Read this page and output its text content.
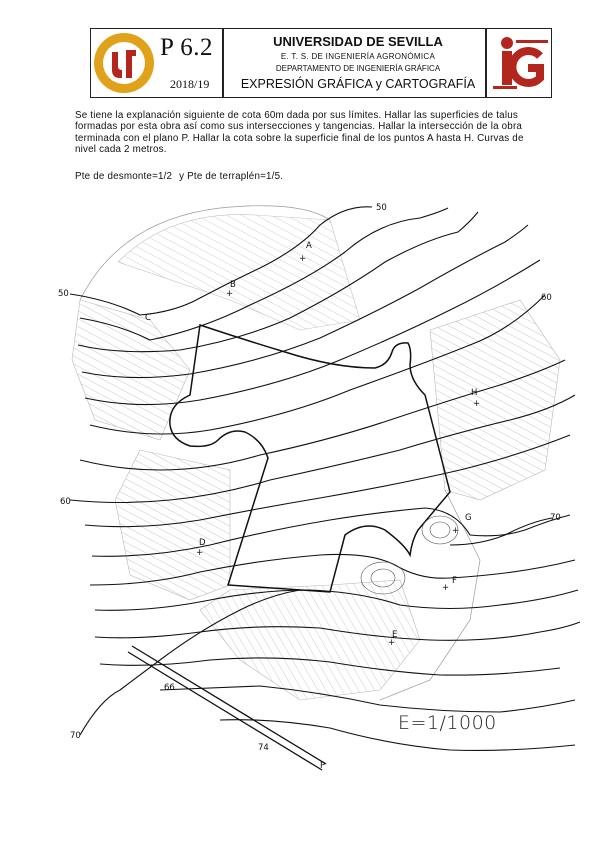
P 6.2
2018/19
UNIVERSIDAD DE SEVILLA
E. T. S. DE INGENIERÍA AGRONÓMICA
DEPARTAMENTO DE INGENIERÍA GRÁFICA
EXPRESIÓN GRÁFICA y CARTOGRAFÍA
Se tiene la explanación siguiente de cota 60m dada por sus límites. Hallar las superficies de talus formadas por esta obra así como sus intersecciones y tangencias. Hallar la intersección de la obra terminada con el plano P. Hallar la cota sobre la superficie final de los puntos A hasta H. Curvas de nivel cada 2 metros.
Pte de desmonte=1/2 y Pte de terraplén=1/5.
A
+
B
+
C
D
+
E
+
F
+
G
+
H
+
50
50	60
60
70
70
66
74
P
E=1/1000
